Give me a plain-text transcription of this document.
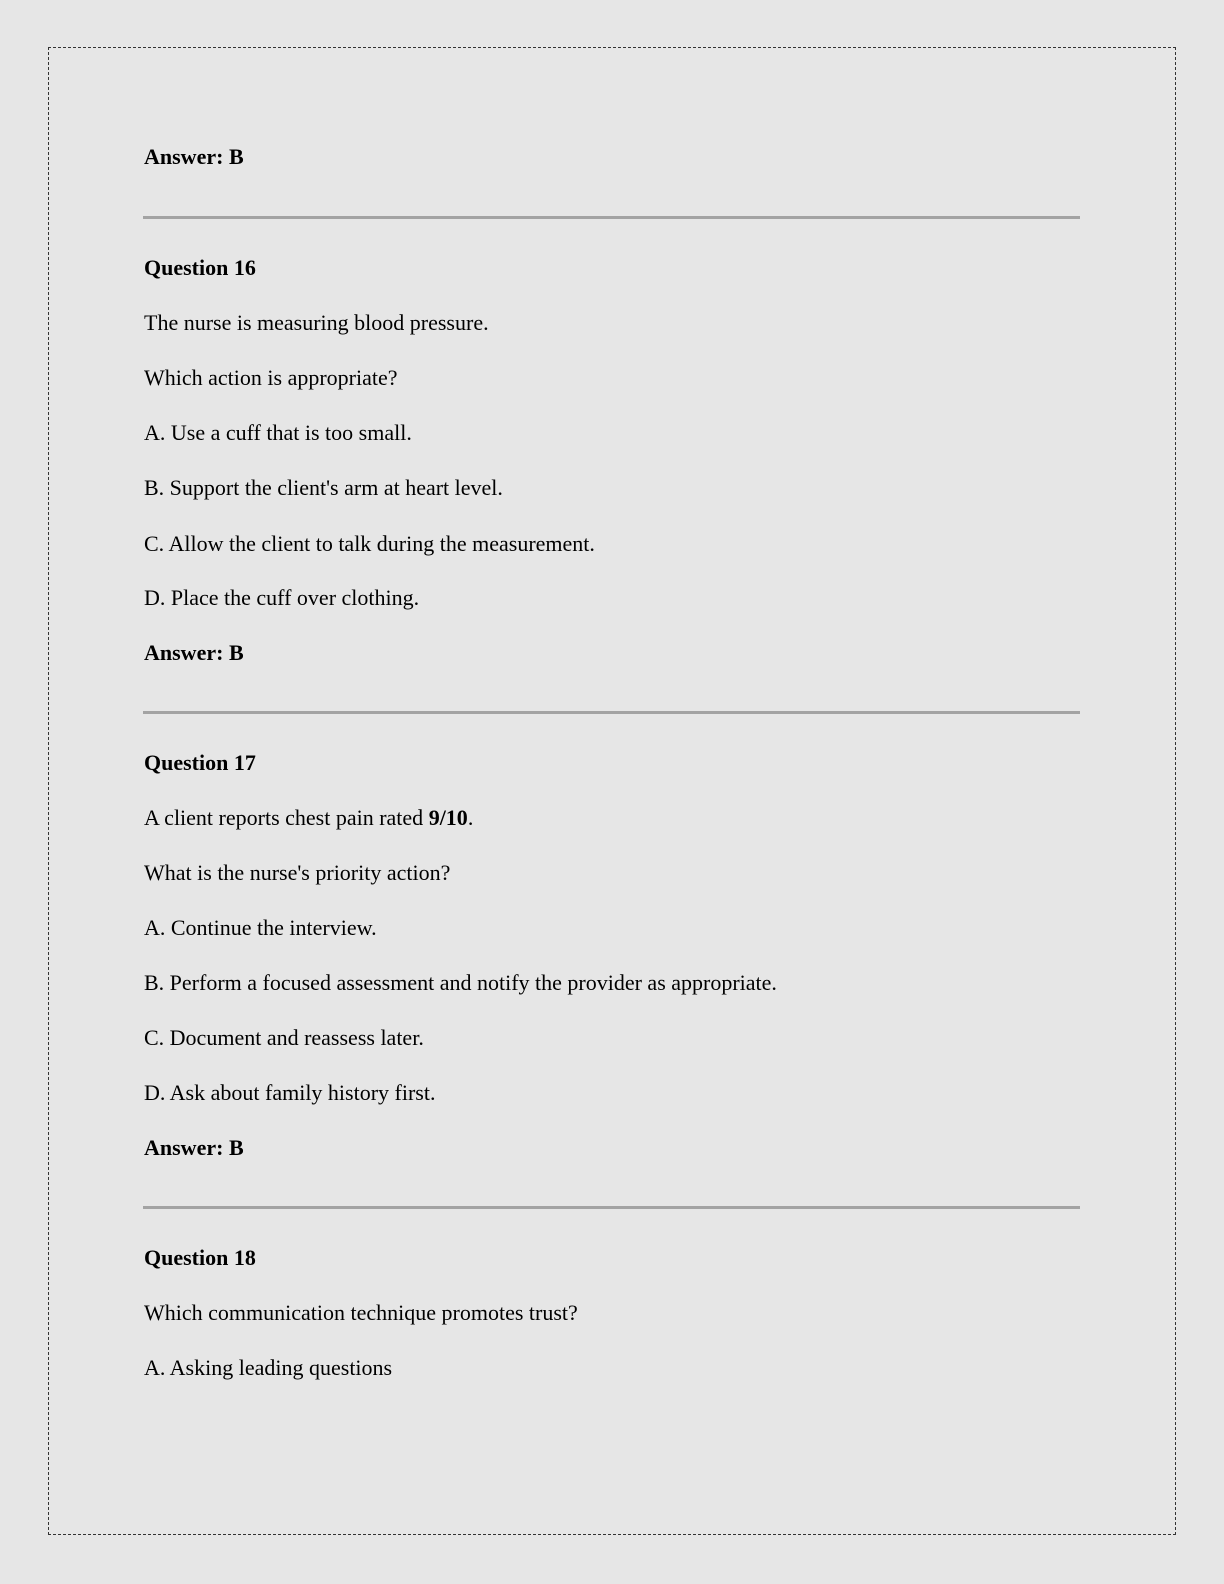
Answer: B
Question 16
The nurse is measuring blood pressure.
Which action is appropriate?
A. Use a cuff that is too small.
B. Support the client's arm at heart level.
C. Allow the client to talk during the measurement.
D. Place the cuff over clothing.
Answer: B
Question 17
A client reports chest pain rated 9/10.
What is the nurse's priority action?
A. Continue the interview.
B. Perform a focused assessment and notify the provider as appropriate.
C. Document and reassess later.
D. Ask about family history first.
Answer: B
Question 18
Which communication technique promotes trust?
A. Asking leading questions
